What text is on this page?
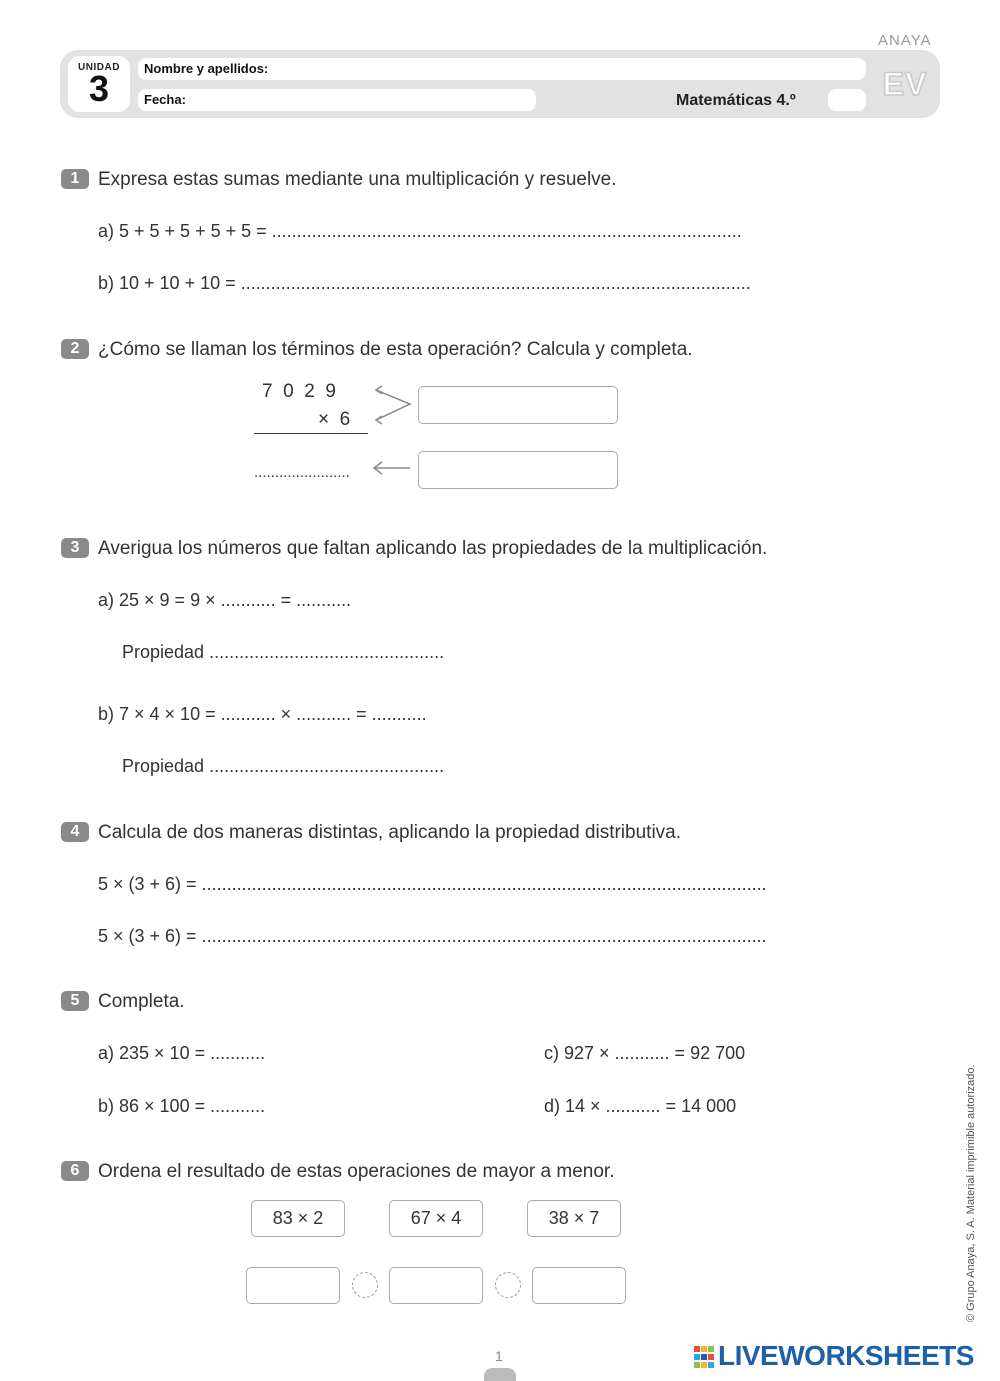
ANAYA
UNIDAD
3	Nombre y apellidos:
Fecha:	Matemáticas 4.º	EV
1 Expresa estas sumas mediante una multiplicación y resuelve.
a) 5 + 5 + 5 + 5 + 5 = ..............................................................................................
b) 10 + 10 + 10 = ......................................................................................................
2 ¿Cómo se llaman los términos de esta operación? Calcula y completa.
7  0  2  9
×  6
.......................
3 Averigua los números que faltan aplicando las propiedades de la multiplicación.
a) 25 × 9 = 9 × ........... = ...........
Propiedad ...............................................
b) 7 × 4 × 10 = ........... × ........... = ...........
Propiedad ...............................................
4 Calcula de dos maneras distintas, aplicando la propiedad distributiva.
5 × (3 + 6) = .................................................................................................................
5 × (3 + 6) = .................................................................................................................
5 Completa.
a) 235 × 10 = ...........
b) 86 × 100 = ...........
c) 927 × ........... = 92 700
d) 14 × ........... = 14 000
6 Ordena el resultado de estas operaciones de mayor a menor.
83 × 2	67 × 4	38 × 7	© Grupo Anaya, S. A. Material imprimible autorizado.
1	LIVEWORKSHEETS
